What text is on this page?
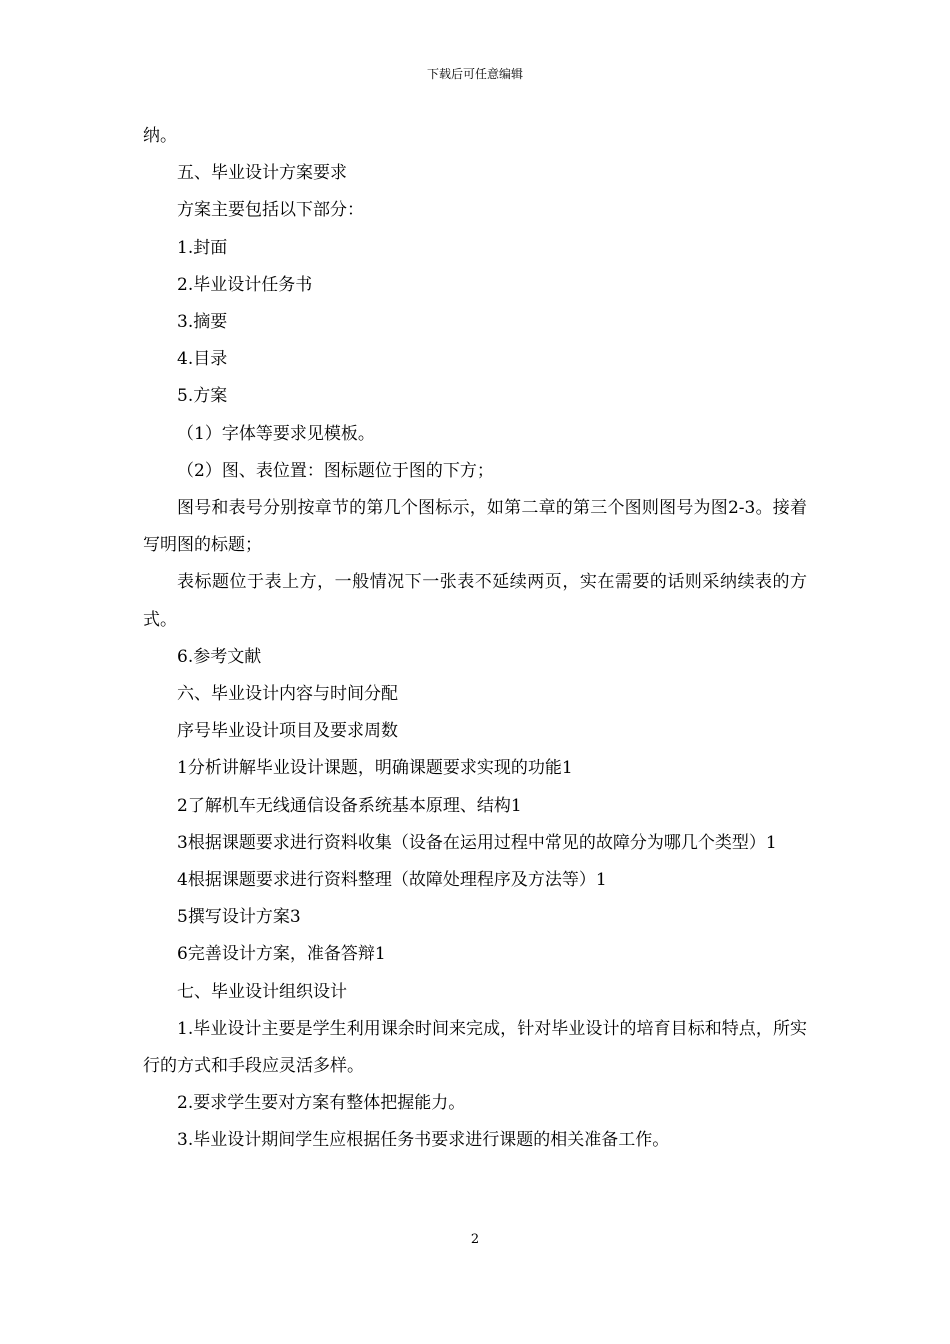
下载后可任意编辑

纳。

五、毕业设计方案要求

方案主要包括以下部分：

1.封面

2.毕业设计任务书

3.摘要

4.目录

5.方案

（1）字体等要求见模板。

（2）图、表位置：图标题位于图的下方；

图号和表号分别按章节的第几个图标示，如第二章的第三个图则图号为图2-3。接着写明图的标题；

表标题位于表上方，一般情况下一张表不延续两页，实在需要的话则采纳续表的方式。

6.参考文献

六、毕业设计内容与时间分配

序号毕业设计项目及要求周数

1分析讲解毕业设计课题，明确课题要求实现的功能1

2了解机车无线通信设备系统基本原理、结构1

3根据课题要求进行资料收集（设备在运用过程中常见的故障分为哪几个类型）1

4根据课题要求进行资料整理（故障处理程序及方法等）1

5撰写设计方案3

6完善设计方案，准备答辩1

七、毕业设计组织设计

1.毕业设计主要是学生利用课余时间来完成，针对毕业设计的培育目标和特点，所实行的方式和手段应灵活多样。

2.要求学生要对方案有整体把握能力。

3.毕业设计期间学生应根据任务书要求进行课题的相关准备工作。

2
